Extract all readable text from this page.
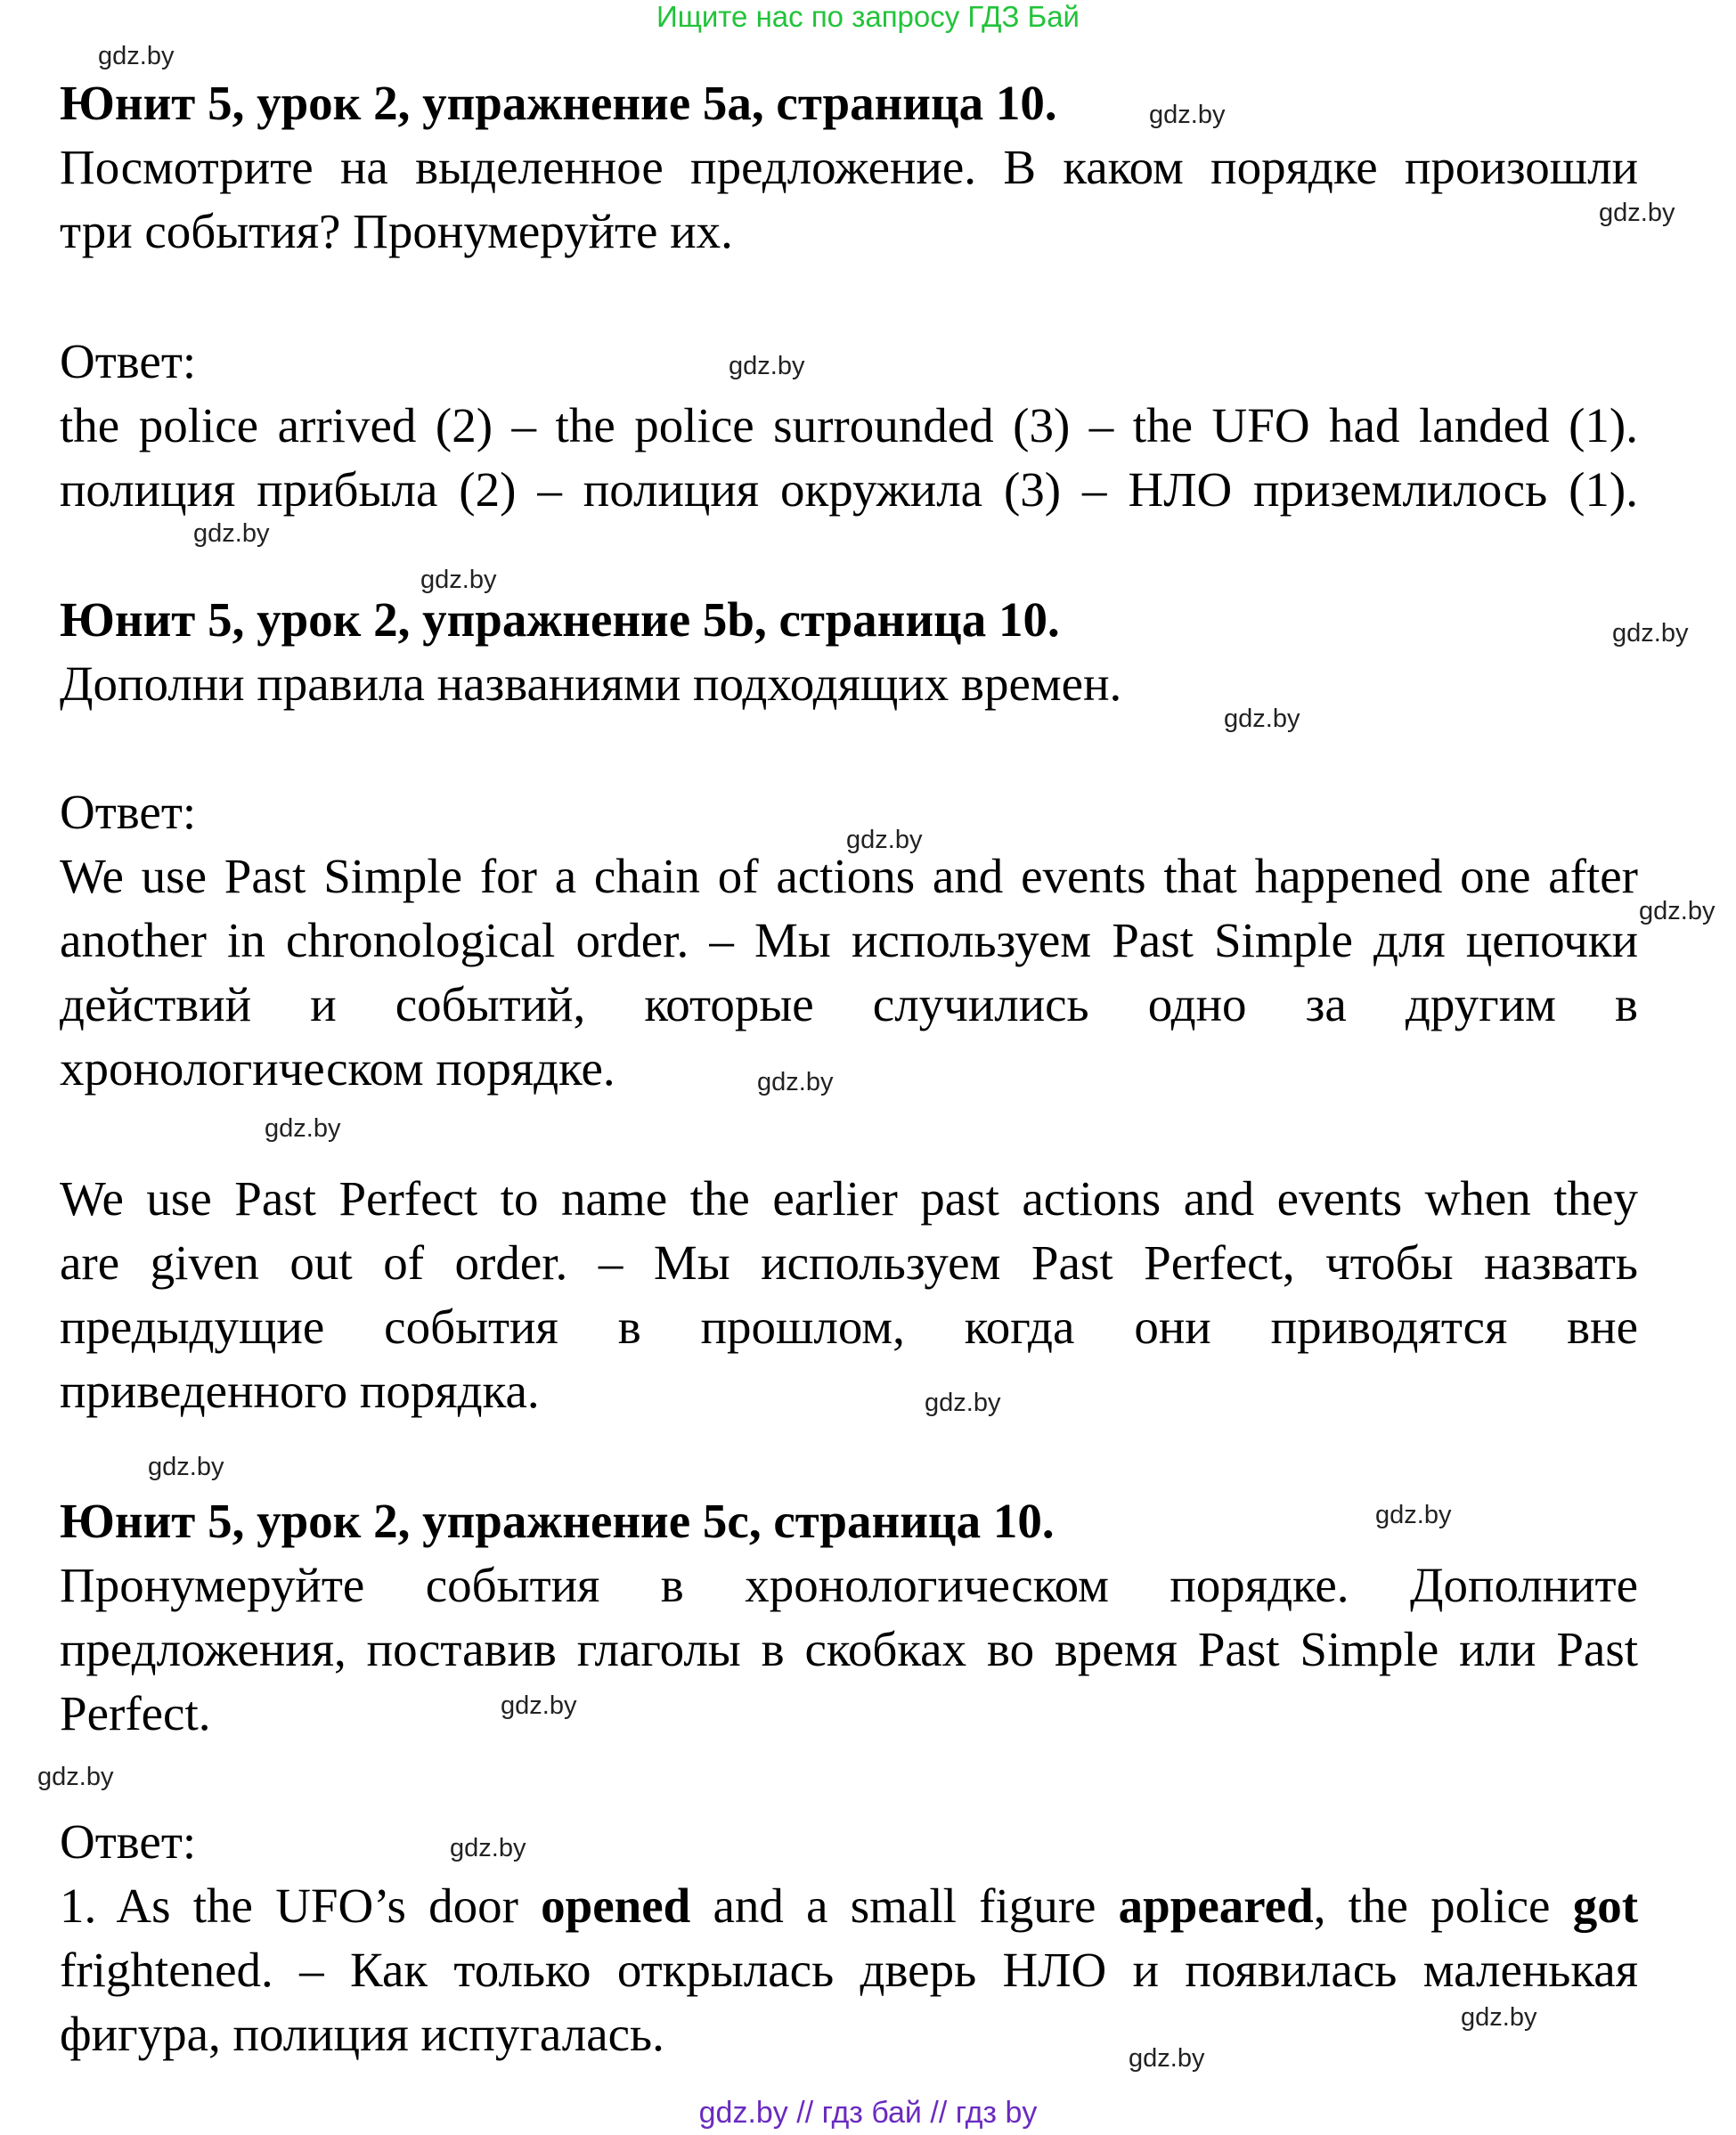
Ищите нас по запросу ГДЗ Бай
Юнит 5, урок 2, упражнение 5a, страница 10.
Посмотрите на выделенное предложение. В каком порядке произошли
три события? Пронумеруйте их.
Ответ:
the police arrived (2) – the police surrounded (3) – the UFO had landed (1).
полиция прибыла (2) – полиция окружила (3) – НЛО приземлилось (1).
Юнит 5, урок 2, упражнение 5b, страница 10.
Дополни правила названиями подходящих времен.
Ответ:
We use Past Simple for a chain of actions and events that happened one after
another in chronological order. – Мы используем Past Simple для цепочки
действий и событий, которые случились одно за другим в
хронологическом порядке.
We use Past Perfect to name the earlier past actions and events when they
are given out of order. – Мы используем Past Perfect, чтобы назвать
предыдущие события в прошлом, когда они приводятся вне
приведенного порядка.
Юнит 5, урок 2, упражнение 5c, страница 10.
Пронумеруйте события в хронологическом порядке. Дополните
предложения, поставив глаголы в скобках во время Past Simple или Past
Perfect.
Ответ:
1. As the UFO’s door opened and a small figure appeared, the police got
frightened. – Как только открылась дверь НЛО и появилась маленькая
фигура, полиция испугалась.
gdz.by
gdz.by
gdz.by
gdz.by
gdz.by
gdz.by
gdz.by
gdz.by
gdz.by
gdz.by
gdz.by
gdz.by
gdz.by
gdz.by
gdz.by
gdz.by
gdz.by
gdz.by
gdz.by
gdz.by
gdz.by // гдз бай // гдз by
